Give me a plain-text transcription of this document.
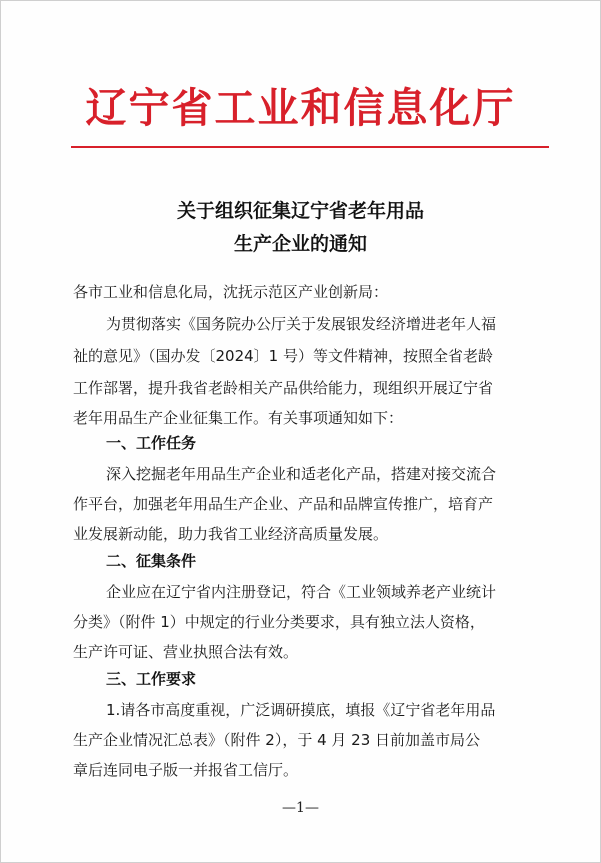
辽宁省工业和信息化厅
关于组织征集辽宁省老年用品
生产企业的通知
各市工业和信息化局，沈抚示范区产业创新局：
为贯彻落实《国务院办公厅关于发展银发经济增进老年人福
祉的意见》（国办发〔2024〕1 号）等文件精神，按照全省老龄
工作部署，提升我省老龄相关产品供给能力，现组织开展辽宁省
老年用品生产企业征集工作。有关事项通知如下：
一、工作任务
深入挖掘老年用品生产企业和适老化产品，搭建对接交流合
作平台，加强老年用品生产企业、产品和品牌宣传推广，培育产
业发展新动能，助力我省工业经济高质量发展。
二、征集条件
企业应在辽宁省内注册登记，符合《工业领域养老产业统计
分类》（附件 1）中规定的行业分类要求，具有独立法人资格，
生产许可证、营业执照合法有效。
三、工作要求
1.请各市高度重视，广泛调研摸底，填报《辽宁省老年用品
生产企业情况汇总表》（附件 2），于 4 月 23 日前加盖市局公
章后连同电子版一并报省工信厅。
—1—
